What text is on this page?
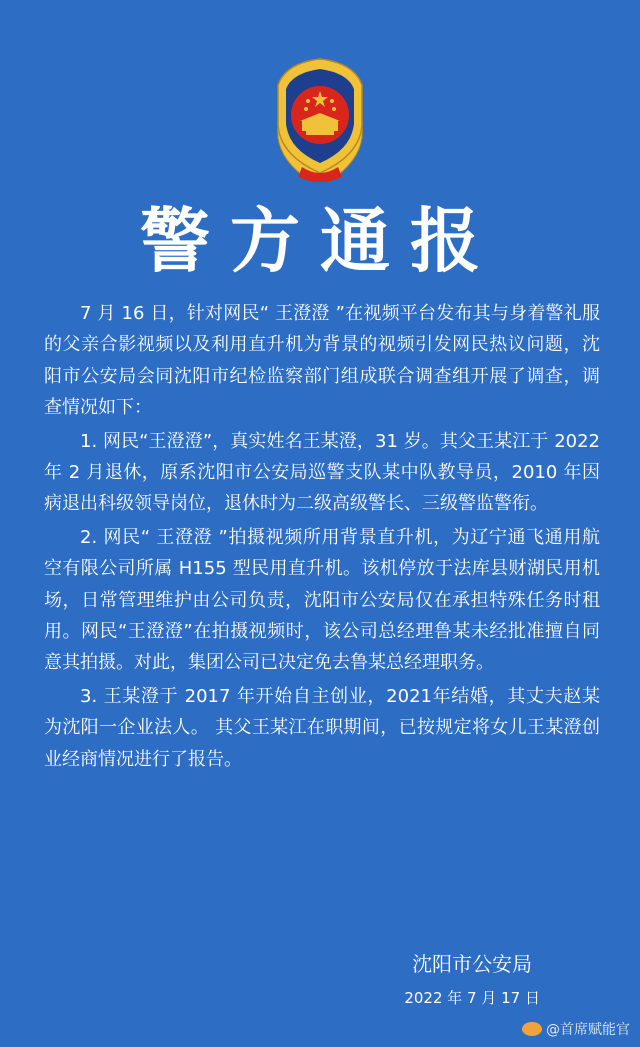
警方通报

7 月 16 日，针对网民“ 王澄澄 ”在视频平台发布其与身着警礼服的父亲合影视频以及利用直升机为背景的视频引发网民热议问题，沈阳市公安局会同沈阳市纪检监察部门组成联合调查组开展了调查，调查情况如下：

1. 网民“王澄澄”，真实姓名王某澄，31 岁。其父王某江于 2022 年 2 月退休，原系沈阳市公安局巡警支队某中队教导员，2010 年因病退出科级领导岗位，退休时为二级高级警长、三级警监警衔。

2. 网民“ 王澄澄 ”拍摄视频所用背景直升机，为辽宁通飞通用航空有限公司所属 H155 型民用直升机。该机停放于法库县财湖民用机场，日常管理维护由公司负责，沈阳市公安局仅在承担特殊任务时租用。网民“王澄澄”在拍摄视频时，该公司总经理鲁某未经批准擅自同意其拍摄。对此，集团公司已决定免去鲁某总经理职务。

3. 王某澄于 2017 年开始自主创业，2021年结婚，其丈夫赵某为沈阳一企业法人。 其父王某江在职期间，已按规定将女儿王某澄创业经商情况进行了报告。

沈阳市公安局
2022 年 7 月 17 日
@首席赋能官
